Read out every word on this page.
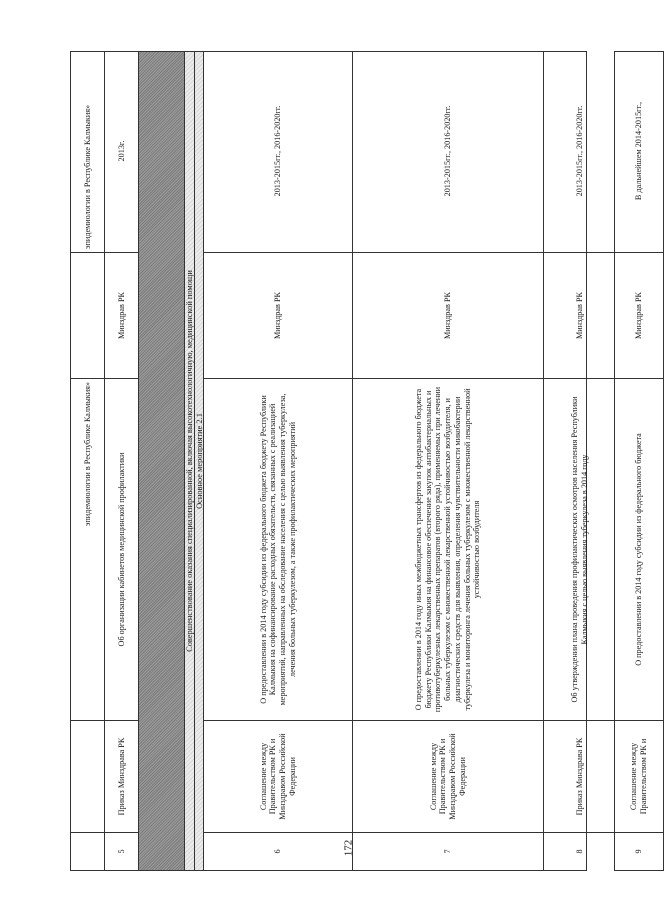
эпидемиологии в Республике Калмыкия»
эпидемиологии в Республике Калмыкия»
5
Приказ Минздрава РК
Об организации кабинетов медицинской профилактики
Минздрав РК
2013г.
Совершенствование оказания специализированной, включая высокотехнологичную, медицинской помощи Основное мероприятие 2.1
6
Соглашение между Правительством РК и Минздравом Российской Федерации
О предоставлении в 2014 году субсидии из федерального бюджета бюджету Республики Калмыкия на софинансирование расходных обязательств, связанных с реализацией мероприятий, направленных на обследование населения с целью выявления туберкулеза, лечения больных туберкулезом, а также профилактических мероприятий
Минздрав РК
2013-2015гг., 2016-2020гг.
7
Соглашение между Правительством РК и Минздравом Российской Федерации
О предоставлении в 2014 году иных межбюджетных трансфертов из федерального бюджета бюджету Республики Калмыкия на финансовое обеспечение закупок антибактериальных и противотуберкулезных лекарственных препаратов (второго ряда), применяемых при лечении больных туберкулезом с множественной лекарственной устойчивостью возбудителя, и диагностических средств для выявления, определения чувствительности микобактерии туберкулеза и мониторинга лечения больных туберкулезом с множественной лекарственной устойчивостью возбудителя
Минздрав РК
2013-2015гг., 2016-2020гг.
8
Приказ Минздрава РК
Об утверждении плана проведения профилактических осмотров населения Республики Калмыкия с целью выявления туберкулеза в 2014 году
Минздрав РК
2013-2015гг., 2016-2020гг.
9
Соглашение между Правительством РК и
О предоставлении в 2014 году субсидии из федерального бюджета
Минздрав РК
В дальнейшем 2014-2015гг.,
172
